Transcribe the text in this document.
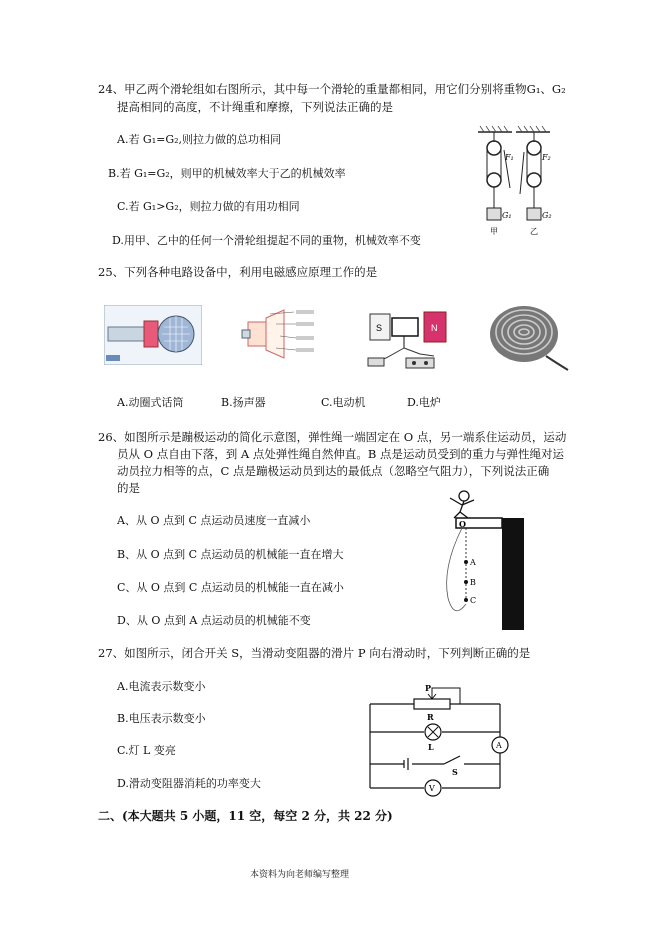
24、甲乙两个滑轮组如右图所示，其中每一个滑轮的重量都相同，用它们分别将重物G₁、G₂
提高相同的高度，不计绳重和摩擦，下列说法正确的是
A.若 G₁=G₂,则拉力做的总功相同
B.若 G₁=G₂，则甲的机械效率大于乙的机械效率
C.若 G₁>G₂，则拉力做的有用功相同
D.用甲、乙中的任何一个滑轮组提起不同的重物，机械效率不变
F₁	F₂
G₁	G₂
甲	乙
25、下列各种电路设备中，利用电磁感应原理工作的是
S	N
A.动圈式话筒	B.扬声器	C.电动机	D.电炉
26、如图所示是蹦极运动的简化示意图，弹性绳一端固定在 O 点，另一端系住运动员，运动
员从 O 点自由下落，到 A 点处弹性绳自然伸直。B 点是运动员受到的重力与弹性绳对运
动员拉力相等的点，C 点是蹦极运动员到达的最低点（忽略空气阻力），下列说法正确
的是
A、从 O 点到 C 点运动员速度一直减小
B、从 O 点到 C 点运动员的机械能一直在增大
C、从 O 点到 C 点运动员的机械能一直在减小
D、从 O 点到 A 点运动员的机械能不变
O
A
B
C
27、如图所示，闭合开关 S，当滑动变阻器的滑片 P 向右滑动时，下列判断正确的是
A.电流表示数变小
B.电压表示数变小
C.灯 L 变亮
D.滑动变阻器消耗的功率变大
P
R
L
S
A
V
二、(本大题共 5 小题，11 空，每空 2 分，共 22 分)
本资料为向老师编写整理
